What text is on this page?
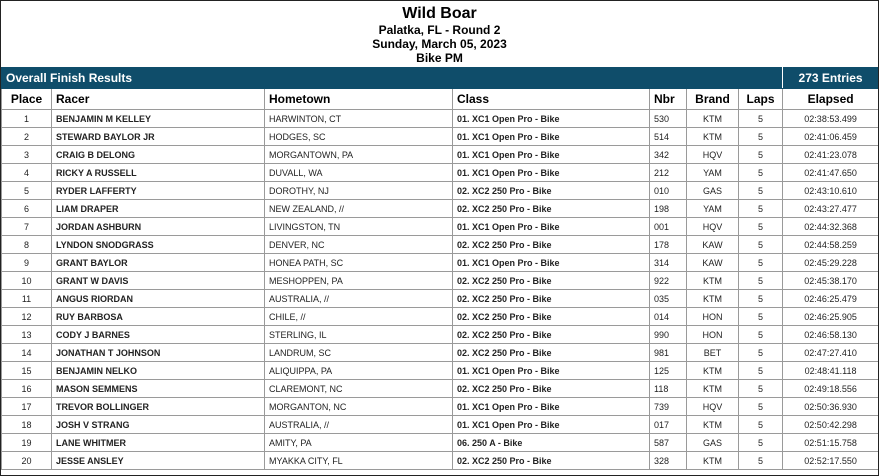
Wild Boar
Palatka, FL - Round 2
Sunday, March 05, 2023
Bike PM
Overall Finish Results							273 Entries
Place	Racer	Hometown	Class	Nbr	Brand	Laps	Elapsed
1	BENJAMIN M KELLEY	HARWINTON, CT	01. XC1 Open Pro - Bike	530	KTM	5	02:38:53.499
2	STEWARD BAYLOR JR	HODGES, SC	01. XC1 Open Pro - Bike	514	KTM	5	02:41:06.459
3	CRAIG B DELONG	MORGANTOWN, PA	01. XC1 Open Pro - Bike	342	HQV	5	02:41:23.078
4	RICKY A RUSSELL	DUVALL, WA	01. XC1 Open Pro - Bike	212	YAM	5	02:41:47.650
5	RYDER LAFFERTY	DOROTHY, NJ	02. XC2 250 Pro - Bike	010	GAS	5	02:43:10.610
6	LIAM DRAPER	NEW ZEALAND, //	02. XC2 250 Pro - Bike	198	YAM	5	02:43:27.477
7	JORDAN ASHBURN	LIVINGSTON, TN	01. XC1 Open Pro - Bike	001	HQV	5	02:44:32.368
8	LYNDON SNODGRASS	DENVER, NC	02. XC2 250 Pro - Bike	178	KAW	5	02:44:58.259
9	GRANT BAYLOR	HONEA PATH, SC	01. XC1 Open Pro - Bike	314	KAW	5	02:45:29.228
10	GRANT W DAVIS	MESHOPPEN, PA	02. XC2 250 Pro - Bike	922	KTM	5	02:45:38.170
11	ANGUS RIORDAN	AUSTRALIA, //	02. XC2 250 Pro - Bike	035	KTM	5	02:46:25.479
12	RUY BARBOSA	CHILE, //	02. XC2 250 Pro - Bike	014	HON	5	02:46:25.905
13	CODY J BARNES	STERLING, IL	02. XC2 250 Pro - Bike	990	HON	5	02:46:58.130
14	JONATHAN T JOHNSON	LANDRUM, SC	02. XC2 250 Pro - Bike	981	BET	5	02:47:27.410
15	BENJAMIN NELKO	ALIQUIPPA, PA	01. XC1 Open Pro - Bike	125	KTM	5	02:48:41.118
16	MASON SEMMENS	CLAREMONT, NC	02. XC2 250 Pro - Bike	118	KTM	5	02:49:18.556
17	TREVOR BOLLINGER	MORGANTON, NC	01. XC1 Open Pro - Bike	739	HQV	5	02:50:36.930
18	JOSH V STRANG	AUSTRALIA, //	01. XC1 Open Pro - Bike	017	KTM	5	02:50:42.298
19	LANE WHITMER	AMITY, PA	06. 250 A - Bike	587	GAS	5	02:51:15.758
20	JESSE ANSLEY	MYAKKA CITY, FL	02. XC2 250 Pro - Bike	328	KTM	5	02:52:17.550
